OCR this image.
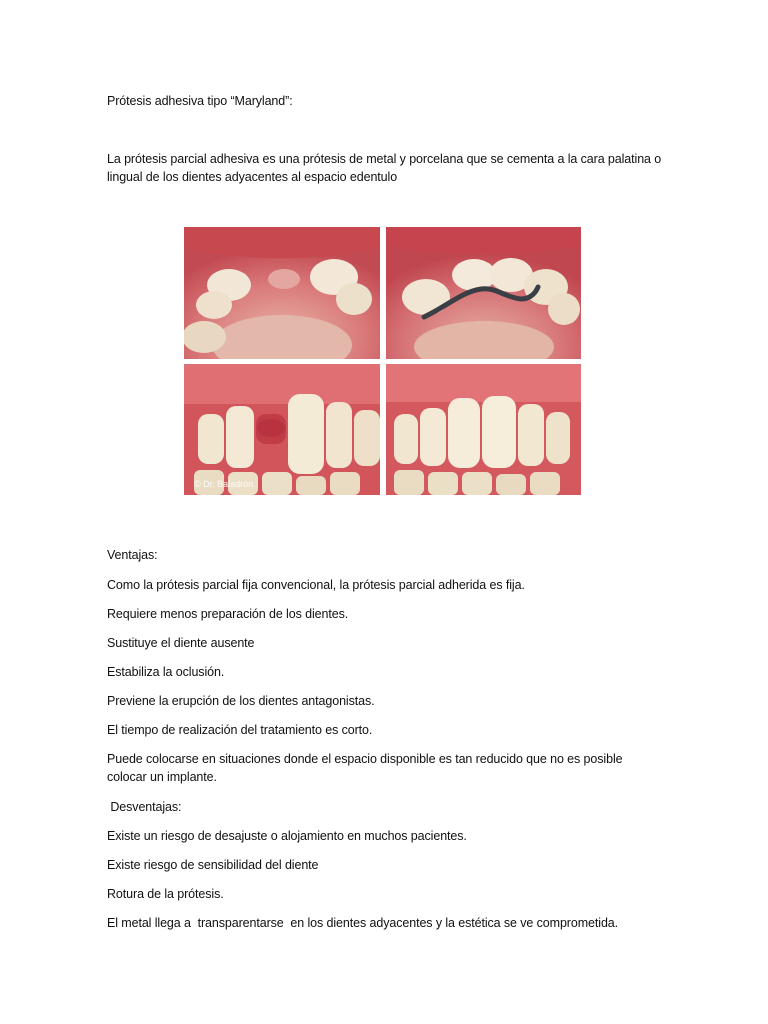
Prótesis adhesiva tipo “Maryland”:
La prótesis parcial adhesiva es una prótesis de metal y porcelana que se cementa a la cara palatina o lingual de los dientes adyacentes al espacio edentulo
© Dr. Baladrón
Ventajas:
Como la prótesis parcial fija convencional, la prótesis parcial adherida es fija.
Requiere menos preparación de los dientes.
Sustituye el diente ausente
Estabiliza la oclusión.
Previene la erupción de los dientes antagonistas.
El tiempo de realización del tratamiento es corto.
Puede colocarse en situaciones donde el espacio disponible es tan reducido que no es posible colocar un implante.
Desventajas:
Existe un riesgo de desajuste o alojamiento en muchos pacientes.
Existe riesgo de sensibilidad del diente
Rotura de la prótesis.
El metal llega a  transparentarse  en los dientes adyacentes y la estética se ve comprometida.
